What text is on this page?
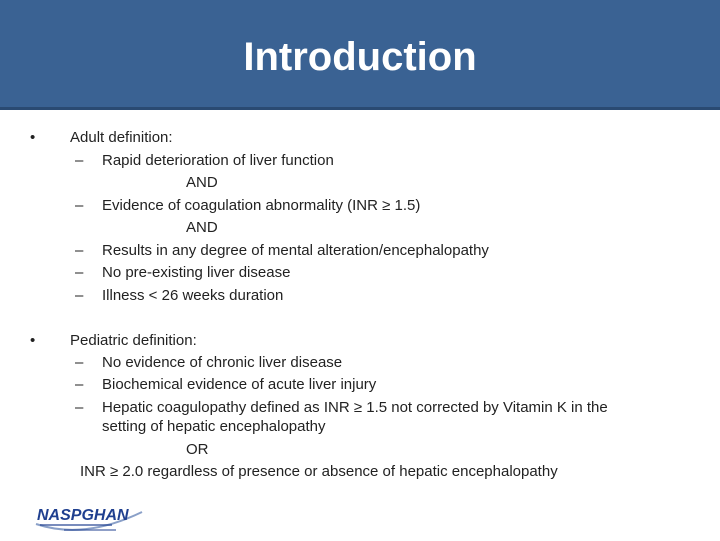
Introduction
• Adult definition:
– Rapid deterioration of liver function
AND
– Evidence of coagulation abnormality (INR ≥ 1.5)
AND
– Results in any degree of mental alteration/encephalopathy
– No pre-existing liver disease
– Illness < 26 weeks duration
• Pediatric definition:
– No evidence of chronic liver disease
– Biochemical evidence of acute liver injury
– Hepatic coagulopathy defined as INR ≥ 1.5 not corrected by Vitamin K in the
setting of hepatic encephalopathy
OR
INR ≥ 2.0 regardless of presence or absence of hepatic encephalopathy
NASPGHAN
